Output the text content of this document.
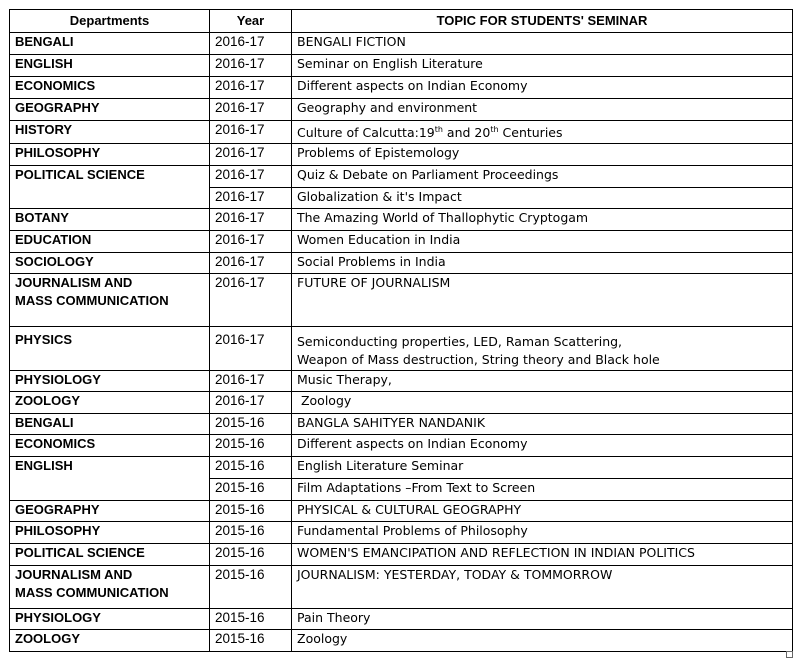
Departments	Year	TOPIC FOR STUDENTS' SEMINAR
BENGALI	2016-17	BENGALI FICTION
ENGLISH	2016-17	Seminar on English Literature
ECONOMICS	2016-17	Different aspects on Indian Economy
GEOGRAPHY	2016-17	Geography and environment
HISTORY	2016-17	Culture of Calcutta:19th and 20th Centuries
PHILOSOPHY	2016-17	Problems of Epistemology
POLITICAL SCIENCE	2016-17	Quiz & Debate on Parliament Proceedings
	2016-17	Globalization & it's Impact
BOTANY	2016-17	The Amazing World of Thallophytic Cryptogam
EDUCATION	2016-17	Women Education in India
SOCIOLOGY	2016-17	Social Problems in India

JOURNALISM AND
MASS COMMUNICATION	2016-17	FUTURE OF JOURNALISM
PHYSICS	2016-17	Semiconducting properties, LED, Raman Scattering,
Weapon of Mass destruction, String theory and Black hole

PHYSIOLOGY	2016-17	Music Therapy,
ZOOLOGY	2016-17	Zoology
BENGALI	2015-16	BANGLA SAHITYER NANDANIK
ECONOMICS	2015-16	Different aspects on Indian Economy
ENGLISH	2015-16	English Literature Seminar
	2015-16	Film Adaptations –From Text to Screen
GEOGRAPHY	2015-16	PHYSICAL & CULTURAL GEOGRAPHY
PHILOSOPHY	2015-16	Fundamental Problems of Philosophy
POLITICAL SCIENCE	2015-16	WOMEN'S EMANCIPATION AND REFLECTION IN INDIAN POLITICS

JOURNALISM AND
MASS COMMUNICATION	2015-16	JOURNALISM: YESTERDAY, TODAY & TOMMORROW
PHYSIOLOGY	2015-16	Pain Theory
ZOOLOGY	2015-16	Zoology
